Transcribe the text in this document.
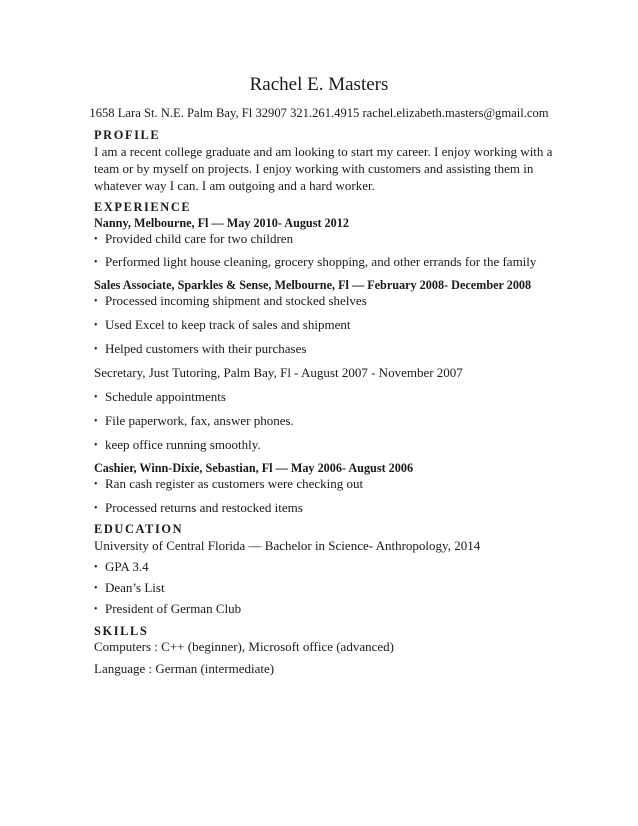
Rachel E. Masters
1658 Lara St. N.E. Palm Bay, Fl 32907 321.261.4915 rachel.elizabeth.masters@gmail.com
PROFILE
I am a recent college graduate and am looking to start my career. I enjoy working with a
team or by myself on projects. I enjoy working with customers and assisting them in
whatever way I can. I am outgoing and a hard worker.
EXPERIENCE
Nanny, Melbourne, Fl — May 2010- August 2012
• Provided child care for two children
• Performed light house cleaning, grocery shopping, and other errands for the family
Sales Associate, Sparkles & Sense, Melbourne, Fl — February 2008- December 2008
• Processed incoming shipment and stocked shelves
• Used Excel to keep track of sales and shipment
• Helped customers with their purchases
Secretary, Just Tutoring, Palm Bay, Fl - August 2007 - November 2007
• Schedule appointments
• File paperwork, fax, answer phones.
• keep office running smoothly.
Cashier, Winn-Dixie, Sebastian, Fl — May 2006- August 2006
• Ran cash register as customers were checking out
• Processed returns and restocked items
EDUCATION
University of Central Florida — Bachelor in Science- Anthropology, 2014
• GPA 3.4
• Dean’s List
• President of German Club
SKILLS
Computers : C++ (beginner), Microsoft office (advanced)
Language : German (intermediate)
